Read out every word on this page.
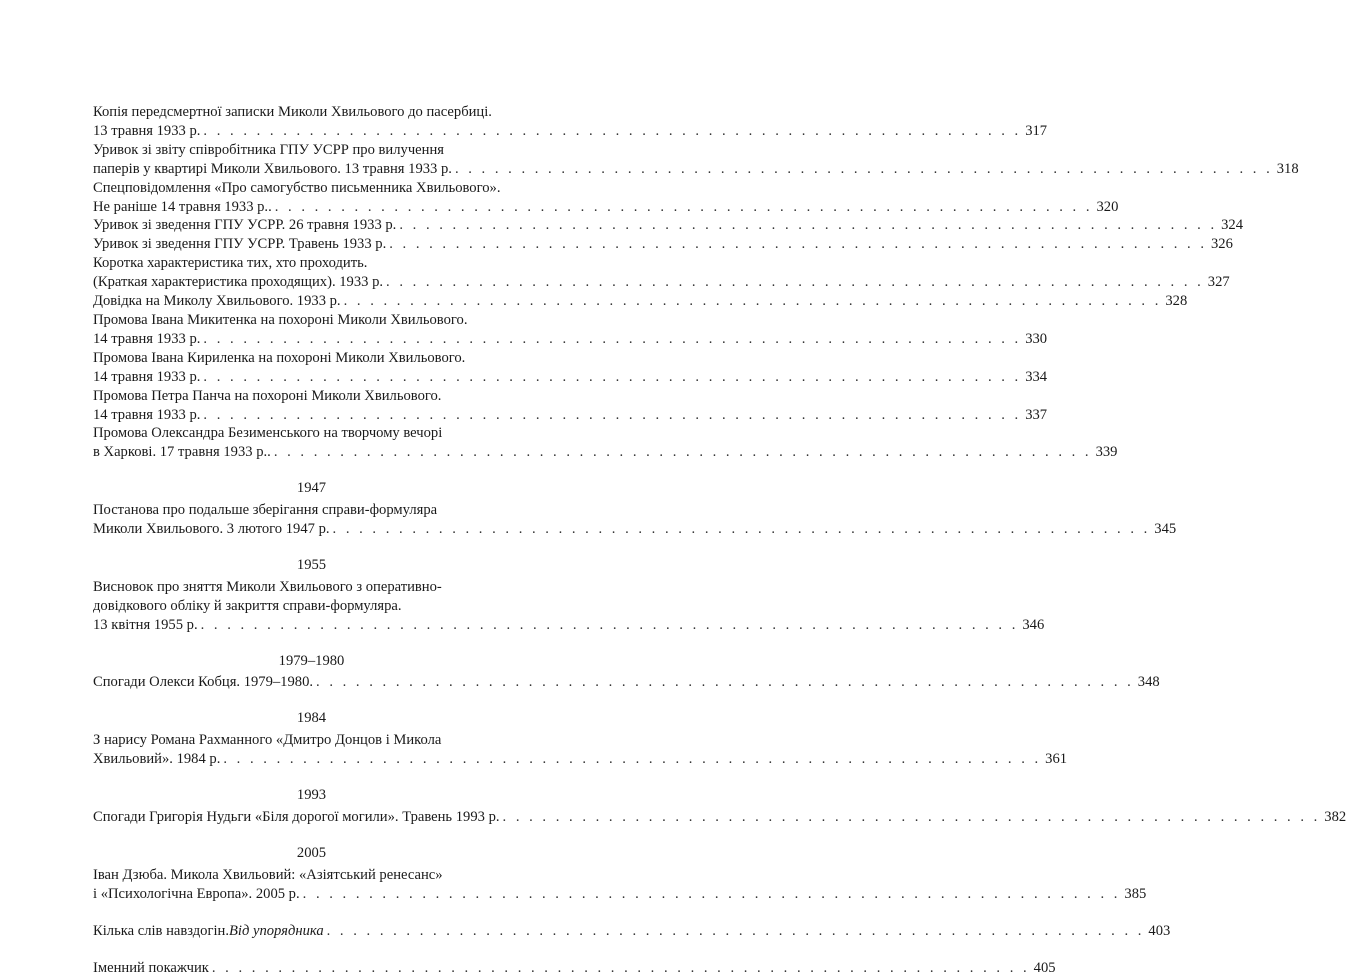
Копія передсмертної записки Миколи Хвильового до пасербиці.
13 травня 1933 р. . . . . . . . . . . . . . . . . . . . . . . . . . . . . . . . . . . . . . . . . . . . . . . . . . . . . . . . . . . . . . . 317
Уривок зі звіту співробітника ГПУ УСРР про вилучення
паперів у квартирі Миколи Хвильового. 13 травня 1933 р. . . . . . . . . . . . . . . . . . . . . . . . . . . . . . . . . . . . . . . . . . . . . . . . . . . . . . . . . . . . . . . 318
Спецповідомлення «Про самогубство письменника Хвильового».
Не раніше 14 травня 1933 р.. . . . . . . . . . . . . . . . . . . . . . . . . . . . . . . . . . . . . . . . . . . . . . . . . . . . . . . . . . . . . . . 320
Уривок зі зведення ГПУ УСРР. 26 травня 1933 р. . . . . . . . . . . . . . . . . . . . . . . . . . . . . . . . . . . . . . . . . . . . . . . . . . . . . . . . . . . . . . . 324
Уривок зі зведення ГПУ УСРР. Травень 1933 р. . . . . . . . . . . . . . . . . . . . . . . . . . . . . . . . . . . . . . . . . . . . . . . . . . . . . . . . . . . . . . . 326
Коротка характеристика тих, хто проходить.
(Краткая характеристика проходящих). 1933 р. . . . . . . . . . . . . . . . . . . . . . . . . . . . . . . . . . . . . . . . . . . . . . . . . . . . . . . . . . . . . . . 327
Довідка на Миколу Хвильового. 1933 р. . . . . . . . . . . . . . . . . . . . . . . . . . . . . . . . . . . . . . . . . . . . . . . . . . . . . . . . . . . . . . . 328
Промова Івана Микитенка на похороні Миколи Хвильового.
14 травня 1933 р. . . . . . . . . . . . . . . . . . . . . . . . . . . . . . . . . . . . . . . . . . . . . . . . . . . . . . . . . . . . . . . 330
Промова Івана Кириленка на похороні Миколи Хвильового.
14 травня 1933 р. . . . . . . . . . . . . . . . . . . . . . . . . . . . . . . . . . . . . . . . . . . . . . . . . . . . . . . . . . . . . . . 334
Промова Петра Панча на похороні Миколи Хвильового.
14 травня 1933 р. . . . . . . . . . . . . . . . . . . . . . . . . . . . . . . . . . . . . . . . . . . . . . . . . . . . . . . . . . . . . . . 337
Промова Олександра Безименського на творчому вечорі
в Харкові. 17 травня 1933 р.. . . . . . . . . . . . . . . . . . . . . . . . . . . . . . . . . . . . . . . . . . . . . . . . . . . . . . . . . . . . . . . 339
1947
Постанова про подальше зберігання справи-формуляра
Миколи Хвильового. 3 лютого 1947 р. . . . . . . . . . . . . . . . . . . . . . . . . . . . . . . . . . . . . . . . . . . . . . . . . . . . . . . . . . . . . . . 345
1955
Висновок про зняття Миколи Хвильового з оперативно-
довідкового обліку й закриття справи-формуляра.
13 квітня 1955 р. . . . . . . . . . . . . . . . . . . . . . . . . . . . . . . . . . . . . . . . . . . . . . . . . . . . . . . . . . . . . . . 346
1979–1980
Спогади Олекси Кобця. 1979–1980. . . . . . . . . . . . . . . . . . . . . . . . . . . . . . . . . . . . . . . . . . . . . . . . . . . . . . . . . . . . . . . 348
1984
З нарису Романа Рахманного «Дмитро Донцов і Микола
Хвильовий». 1984 р. . . . . . . . . . . . . . . . . . . . . . . . . . . . . . . . . . . . . . . . . . . . . . . . . . . . . . . . . . . . . . . 361
1993
Спогади Григорія Нудьги «Біля дорогої могили». Травень 1993 р. . . . . . . . . . . . . . . . . . . . . . . . . . . . . . . . . . . . . . . . . . . . . . . . . . . . . . . . . . . . . . . 382
2005
Іван Дзюба. Микола Хвильовий: «Азіятський ренесанс»
і «Психологічна Европа». 2005 р. . . . . . . . . . . . . . . . . . . . . . . . . . . . . . . . . . . . . . . . . . . . . . . . . . . . . . . . . . . . . . . 385
Кілька слів навздогін. Від упорядника . . . . . . . . . . . . . . . . . . . . . . . . . . . . . . . . . . . . . . . . . . . . . . . . . . . . . . . . . . . . . . 403
Іменний покажчик . . . . . . . . . . . . . . . . . . . . . . . . . . . . . . . . . . . . . . . . . . . . . . . . . . . . . . . . . . . . . . 405
